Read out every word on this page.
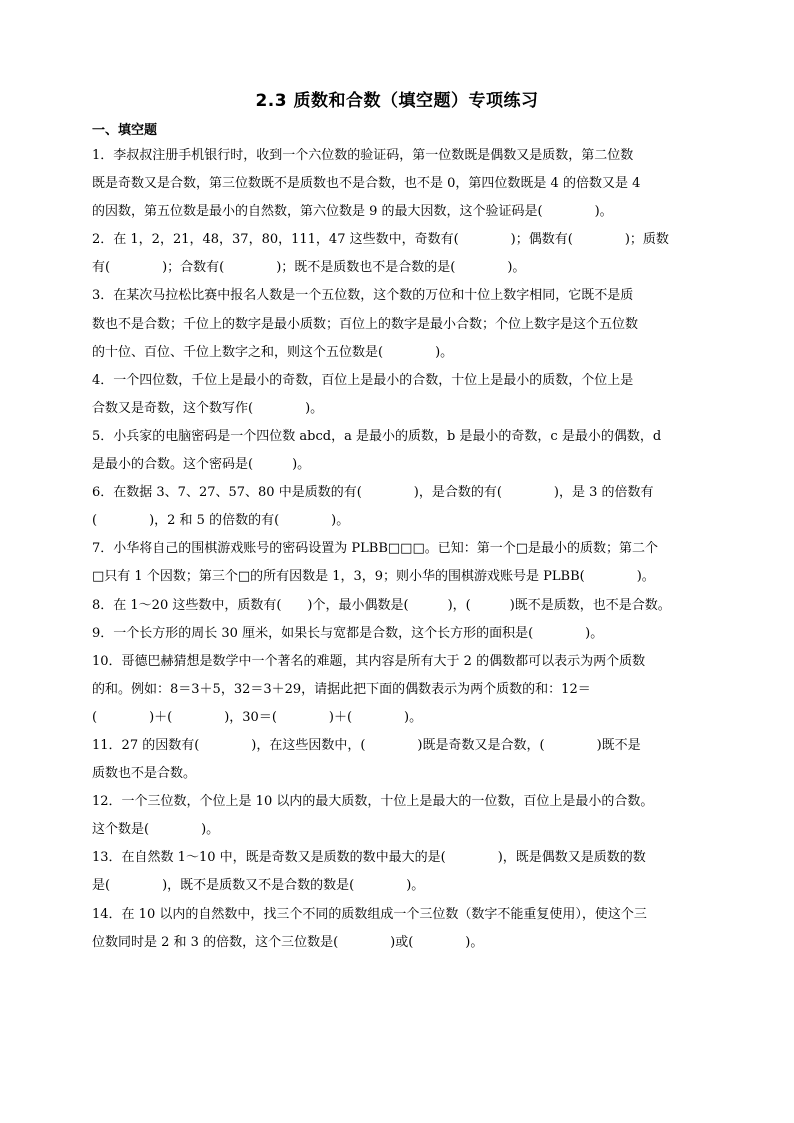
2.3 质数和合数（填空题）专项练习
一、填空题
1．李叔叔注册手机银行时，收到一个六位数的验证码，第一位数既是偶数又是质数，第二位数
既是奇数又是合数，第三位数既不是质数也不是合数，也不是 0，第四位数既是 4 的倍数又是 4
的因数，第五位数是最小的自然数，第六位数是 9 的最大因数，这个验证码是(　　　　)。
2．在 1，2，21，48，37，80，111，47 这些数中，奇数有(　　　　)；偶数有(　　　　)；质数
有(　　　　)；合数有(　　　　)；既不是质数也不是合数的是(　　　　)。
3．在某次马拉松比赛中报名人数是一个五位数，这个数的万位和十位上数字相同，它既不是质
数也不是合数；千位上的数字是最小质数；百位上的数字是最小合数；个位上数字是这个五位数
的十位、百位、千位上数字之和，则这个五位数是(　　　　)。
4．一个四位数，千位上是最小的奇数，百位上是最小的合数，十位上是最小的质数，个位上是
合数又是奇数，这个数写作(　　　　)。
5．小兵家的电脑密码是一个四位数 abcd，a 是最小的质数，b 是最小的奇数，c 是最小的偶数，d
是最小的合数。这个密码是(　　　)。
6．在数据 3、7、27、57、80 中是质数的有(　　　　)，是合数的有(　　　　)，是 3 的倍数有
(　　　　)，2 和 5 的倍数的有(　　　　)。
7．小华将自己的围棋游戏账号的密码设置为 PLBB□□□。已知：第一个□是最小的质数；第二个
□只有 1 个因数；第三个□的所有因数是 1，3，9；则小华的围棋游戏账号是 PLBB(　　　　)。
8．在 1～20 这些数中，质数有(　　)个，最小偶数是(　　　)，(　　　)既不是质数，也不是合数。
9．一个长方形的周长 30 厘米，如果长与宽都是合数，这个长方形的面积是(　　　　)。
10．哥德巴赫猜想是数学中一个著名的难题，其内容是所有大于 2 的偶数都可以表示为两个质数
的和。例如：8＝3＋5，32＝3＋29，请据此把下面的偶数表示为两个质数的和：12＝
(　　　　)＋(　　　　)，30＝(　　　　)＋(　　　　)。
11．27 的因数有(　　　　)，在这些因数中，(　　　　)既是奇数又是合数，(　　　　)既不是
质数也不是合数。
12．一个三位数，个位上是 10 以内的最大质数，十位上是最大的一位数，百位上是最小的合数。
这个数是(　　　　)。
13．在自然数 1～10 中，既是奇数又是质数的数中最大的是(　　　　)，既是偶数又是质数的数
是(　　　　)，既不是质数又不是合数的数是(　　　　)。
14．在 10 以内的自然数中，找三个不同的质数组成一个三位数（数字不能重复使用），使这个三
位数同时是 2 和 3 的倍数，这个三位数是(　　　　)或(　　　　)。
